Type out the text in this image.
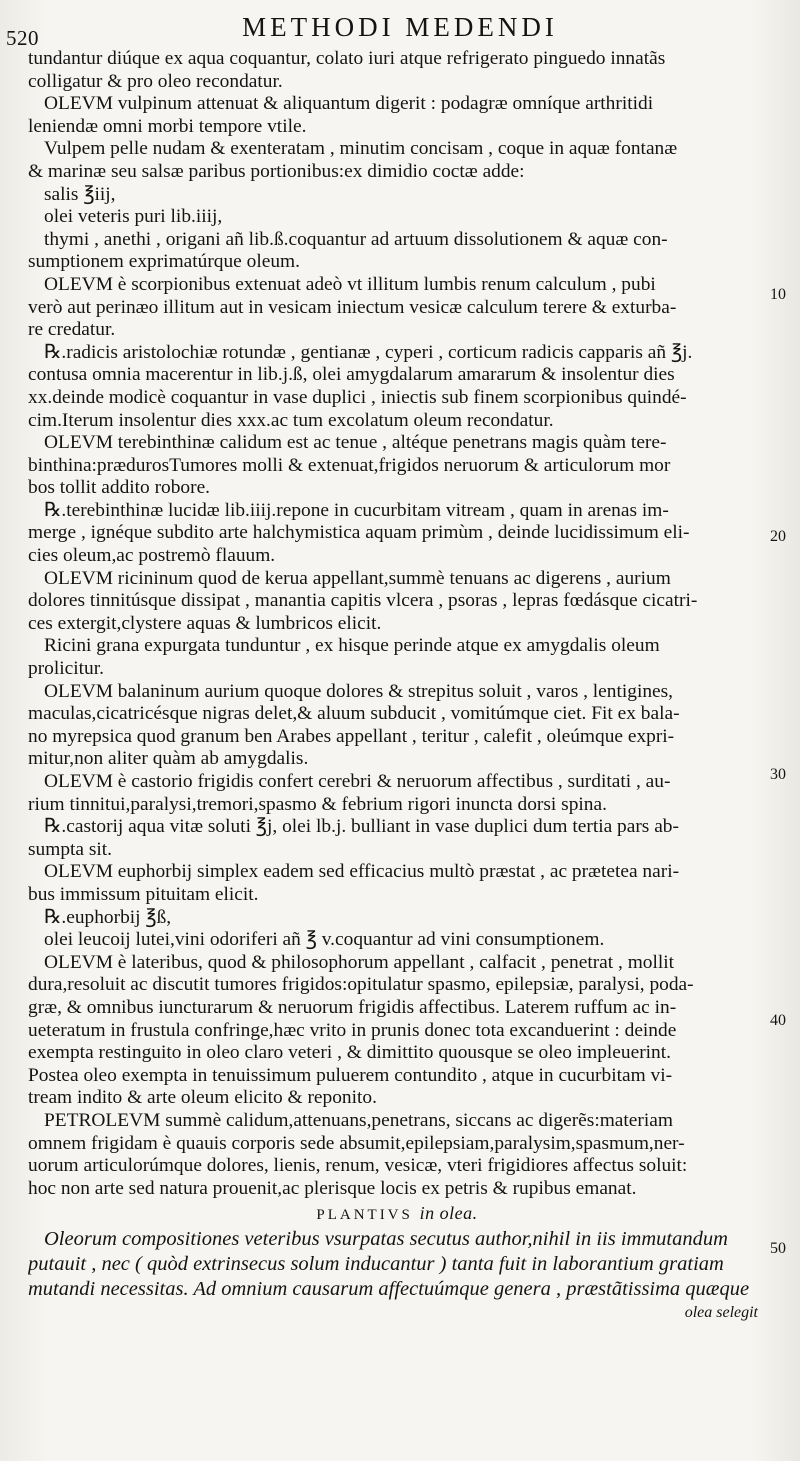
520	METHODI MEDENDI
tundantur diúque ex aqua coquantur, colato iuri atque refrigerato pinguedo innatãs
colligatur & pro oleo recondatur.
OLEVM vulpinum attenuat & aliquantum digerit : podagræ omníque arthritidi
leniendæ omni morbi tempore vtile.
Vulpem pelle nudam & exenteratam , minutim concisam , coque in aquæ fontanæ
& marinæ seu salsæ paribus portionibus:ex dimidio coctæ adde:
salis ℥iij,
olei veteris puri lib.iiij,
thymi , anethi , origani añ lib.ß.coquantur ad artuum dissolutionem & aquæ con-
sumptionem exprimatúrque oleum.
OLEVM è scorpionibus extenuat adeò vt illitum lumbis renum calculum , pubi
verò aut perinæo illitum aut in vesicam iniectum vesicæ calculum terere & exturba-
re credatur.
℞.radicis aristolochiæ rotundæ , gentianæ , cyperi , corticum radicis capparis añ ℥j.
contusa omnia macerentur in lib.j.ß, olei amygdalarum amararum & insolentur dies
xx.deinde modicè coquantur in vase duplici , iniectis sub finem scorpionibus quindé-
cim.Iterum insolentur dies xxx.ac tum excolatum oleum recondatur.
OLEVM terebinthinæ calidum est ac tenue , altéque penetrans magis quàm tere-
binthina:prædurosTumores molli & extenuat,frigidos neruorum & articulorum mor
bos tollit addito robore.
℞.terebinthinæ lucidæ lib.iiij.repone in cucurbitam vitream , quam in arenas im-
merge , ignéque subdito arte halchymistica aquam primùm , deinde lucidissimum eli-
cies oleum,ac postremò flauum.
OLEVM ricininum quod de kerua appellant,summè tenuans ac digerens , aurium
dolores tinnitúsque dissipat , manantia capitis vlcera , psoras , lepras fœdásque cicatri-
ces extergit,clystere aquas & lumbricos elicit.
Ricini grana expurgata tunduntur , ex hisque perinde atque ex amygdalis oleum
prolicitur.
OLEVM balaninum aurium quoque dolores & strepitus soluit , varos , lentigines,
maculas,cicatricésque nigras delet,& aluum subducit , vomitúmque ciet. Fit ex bala-
no myrepsica quod granum ben Arabes appellant , teritur , calefit , oleúmque expri-
mitur,non aliter quàm ab amygdalis.
OLEVM è castorio frigidis confert cerebri & neruorum affectibus , surditati , au-
rium tinnitui,paralysi,tremori,spasmo & febrium rigori inuncta dorsi spina.
℞.castorij aqua vitæ soluti ℥j, olei lb.j. bulliant in vase duplici dum tertia pars ab-
sumpta sit.
OLEVM euphorbij simplex eadem sed efficacius multò præstat , ac prætetea nari-
bus immissum pituitam elicit.
℞.euphorbij ℥ß,
olei leucoij lutei,vini odoriferi añ ℥ v.coquantur ad vini consumptionem.
OLEVM è lateribus, quod & philosophorum appellant , calfacit , penetrat , mollit
dura,resoluit ac discutit tumores frigidos:opitulatur spasmo, epilepsiæ, paralysi, poda-
græ, & omnibus iuncturarum & neruorum frigidis affectibus. Laterem ruffum ac in-
ueteratum in frustula confringe,hæc vrito in prunis donec tota excanduerint : deinde
exempta restinguito in oleo claro veteri , & dimittito quousque se oleo impleuerint.
Postea oleo exempta in tenuissimum puluerem contundito , atque in cucurbitam vi-
tream indito & arte oleum elicito & reponito.
PETROLEVM summè calidum,attenuans,penetrans, siccans ac digerẽs:materiam
omnem frigidam è quauis corporis sede absumit,epilepsiam,paralysim,spasmum,ner-
uorum articulorúmque dolores, lienis, renum, vesicæ, vteri frigidiores affectus soluit:
hoc non arte sed natura prouenit,ac plerisque locis ex petris & rupibus emanat.
PLANTIVS in olea.
Oleorum compositiones veteribus vsurpatas secutus author,nihil in iis immutandum
putauit , nec ( quòd extrinsecus solum inducantur ) tanta fuit in laborantium gratiam
mutandi necessitas. Ad omnium causarum affectuúmque genera , præstãtissima quæque
olea selegit
10
20
30
40
50
